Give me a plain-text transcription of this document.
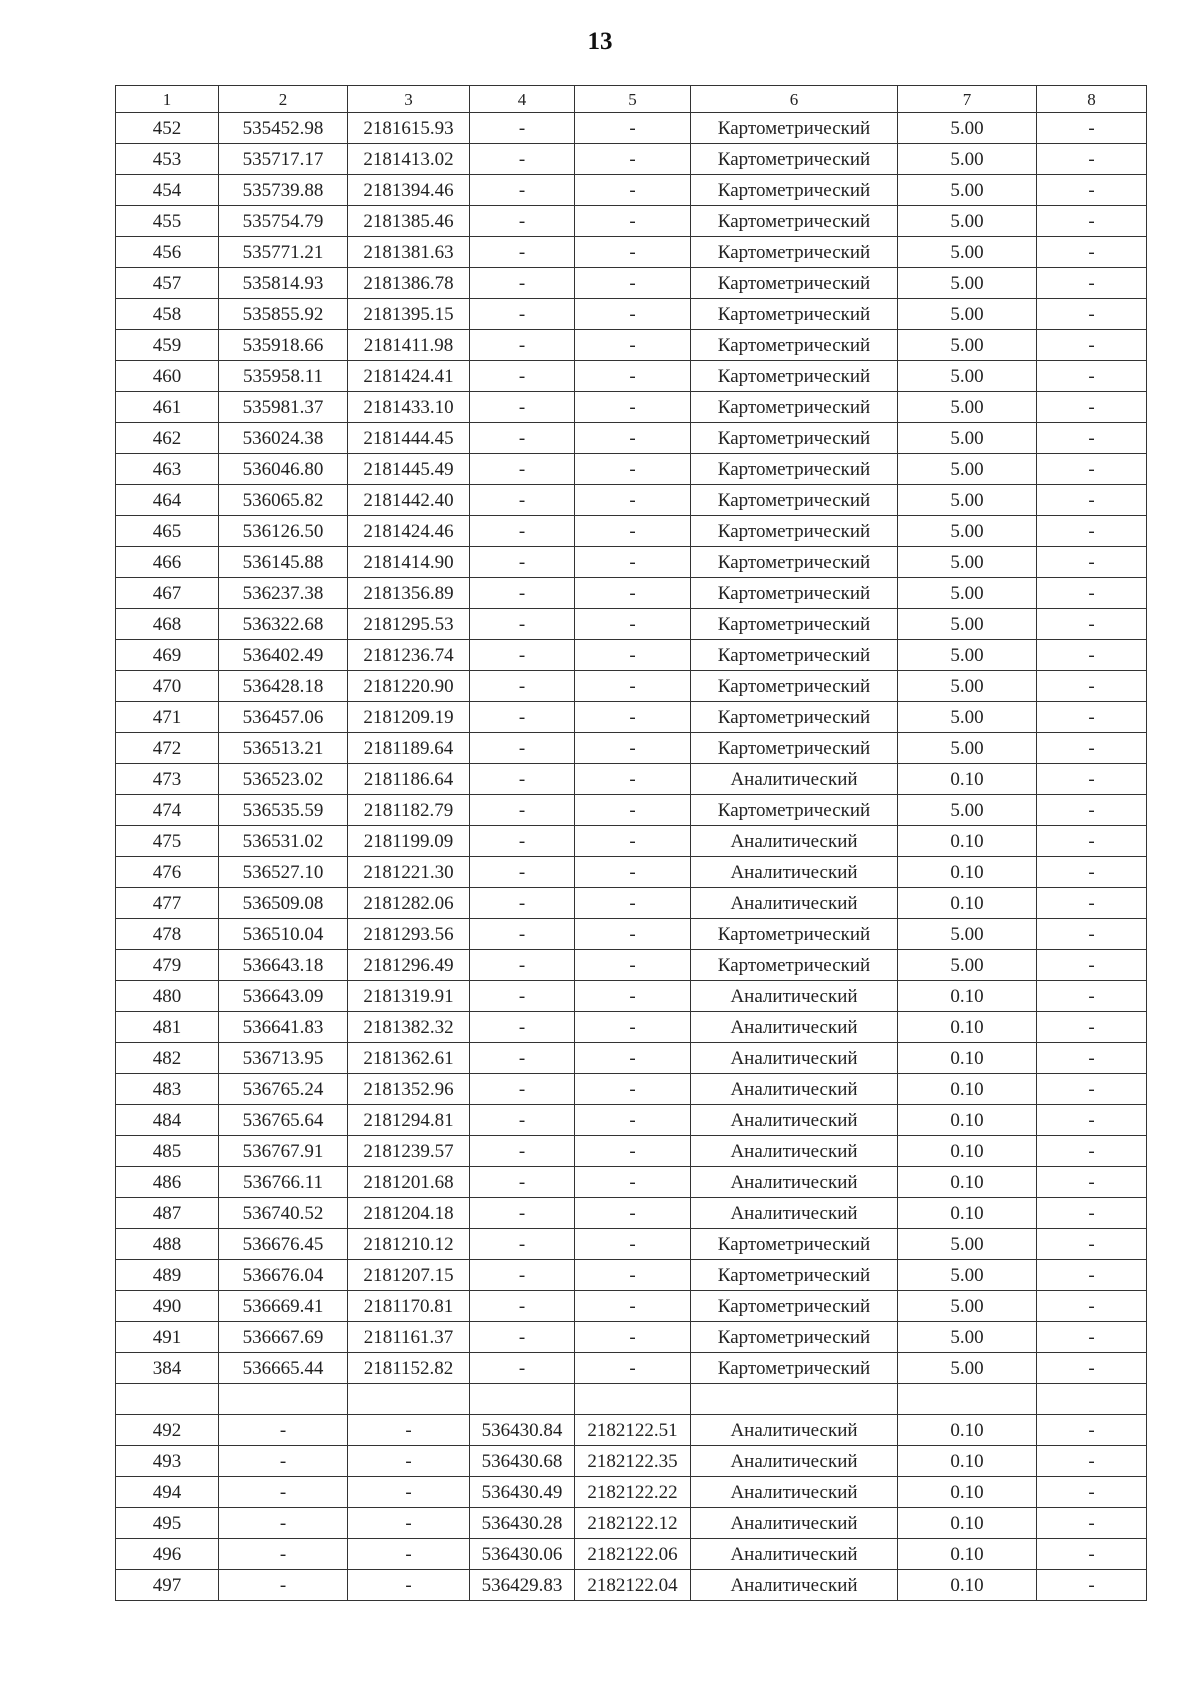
13
1	2	3	4	5	6	7	8
452	535452.98	2181615.93	-	-	Картометрический	5.00	-
453	535717.17	2181413.02	-	-	Картометрический	5.00	-
454	535739.88	2181394.46	-	-	Картометрический	5.00	-
455	535754.79	2181385.46	-	-	Картометрический	5.00	-
456	535771.21	2181381.63	-	-	Картометрический	5.00	-
457	535814.93	2181386.78	-	-	Картометрический	5.00	-
458	535855.92	2181395.15	-	-	Картометрический	5.00	-
459	535918.66	2181411.98	-	-	Картометрический	5.00	-
460	535958.11	2181424.41	-	-	Картометрический	5.00	-
461	535981.37	2181433.10	-	-	Картометрический	5.00	-
462	536024.38	2181444.45	-	-	Картометрический	5.00	-
463	536046.80	2181445.49	-	-	Картометрический	5.00	-
464	536065.82	2181442.40	-	-	Картометрический	5.00	-
465	536126.50	2181424.46	-	-	Картометрический	5.00	-
466	536145.88	2181414.90	-	-	Картометрический	5.00	-
467	536237.38	2181356.89	-	-	Картометрический	5.00	-
468	536322.68	2181295.53	-	-	Картометрический	5.00	-
469	536402.49	2181236.74	-	-	Картометрический	5.00	-
470	536428.18	2181220.90	-	-	Картометрический	5.00	-
471	536457.06	2181209.19	-	-	Картометрический	5.00	-
472	536513.21	2181189.64	-	-	Картометрический	5.00	-
473	536523.02	2181186.64	-	-	Аналитический	0.10	-
474	536535.59	2181182.79	-	-	Картометрический	5.00	-
475	536531.02	2181199.09	-	-	Аналитический	0.10	-
476	536527.10	2181221.30	-	-	Аналитический	0.10	-
477	536509.08	2181282.06	-	-	Аналитический	0.10	-
478	536510.04	2181293.56	-	-	Картометрический	5.00	-
479	536643.18	2181296.49	-	-	Картометрический	5.00	-
480	536643.09	2181319.91	-	-	Аналитический	0.10	-
481	536641.83	2181382.32	-	-	Аналитический	0.10	-
482	536713.95	2181362.61	-	-	Аналитический	0.10	-
483	536765.24	2181352.96	-	-	Аналитический	0.10	-
484	536765.64	2181294.81	-	-	Аналитический	0.10	-
485	536767.91	2181239.57	-	-	Аналитический	0.10	-
486	536766.11	2181201.68	-	-	Аналитический	0.10	-
487	536740.52	2181204.18	-	-	Аналитический	0.10	-
488	536676.45	2181210.12	-	-	Картометрический	5.00	-
489	536676.04	2181207.15	-	-	Картометрический	5.00	-
490	536669.41	2181170.81	-	-	Картометрический	5.00	-
491	536667.69	2181161.37	-	-	Картометрический	5.00	-
384	536665.44	2181152.82	-	-	Картометрический	5.00	-

492	-	-	536430.84	2182122.51	Аналитический	0.10	-
493	-	-	536430.68	2182122.35	Аналитический	0.10	-
494	-	-	536430.49	2182122.22	Аналитический	0.10	-
495	-	-	536430.28	2182122.12	Аналитический	0.10	-
496	-	-	536430.06	2182122.06	Аналитический	0.10	-
497	-	-	536429.83	2182122.04	Аналитический	0.10	-
